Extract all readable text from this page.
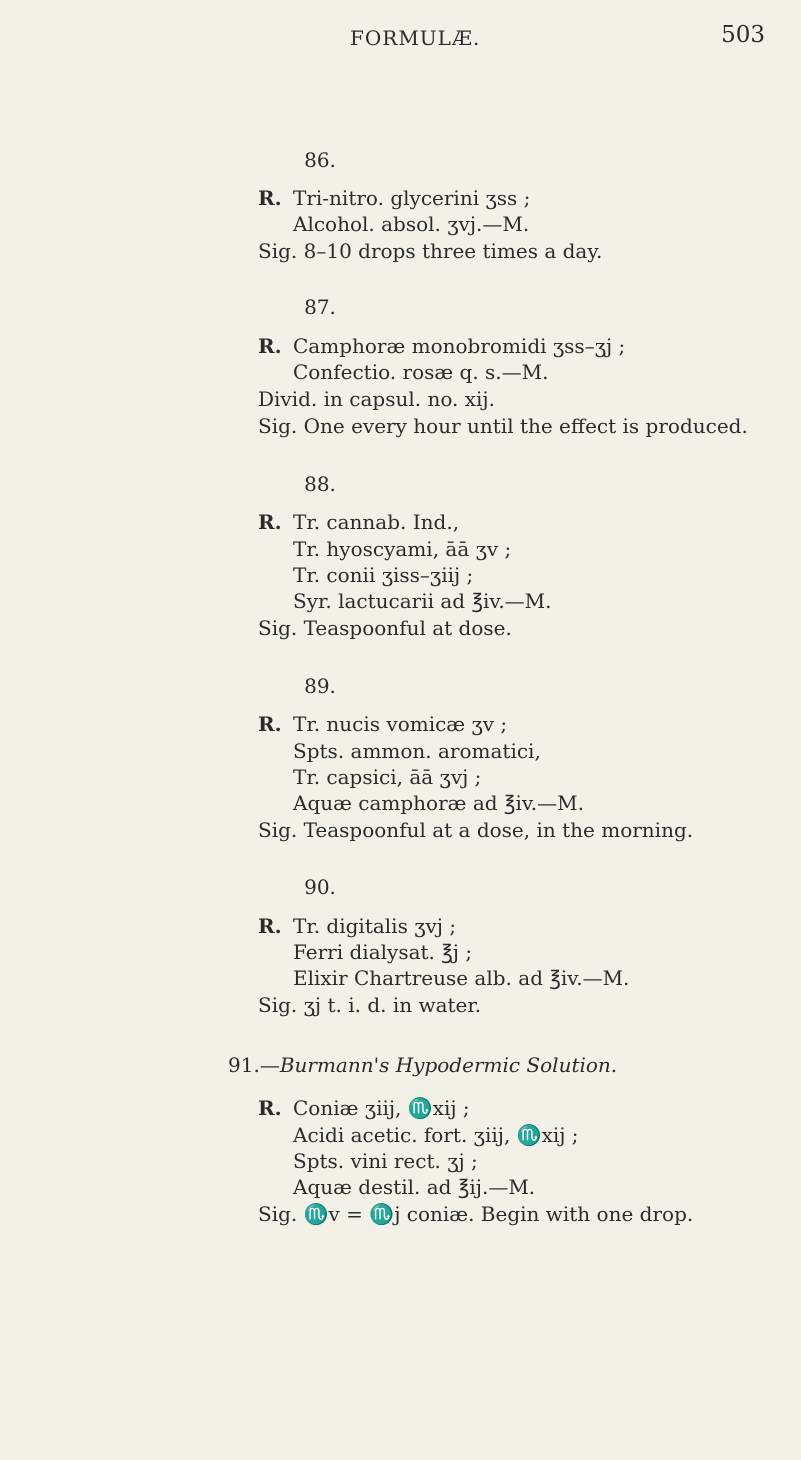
FORMULÆ.	503
86.
R. Tri-nitro. glycerini ʒss ;
Alcohol. absol. ʒvj.—M.
Sig. 8–10 drops three times a day.
87.
R. Camphoræ monobromidi ʒss–ʒj ;
Confectio. rosæ q. s.—M.
Divid. in capsul. no. xij.
Sig. One every hour until the effect is produced.
88.
R. Tr. cannab. Ind.,
Tr. hyoscyami, āā ʒv ;
Tr. conii ʒiss–ʒiij ;
Syr. lactucarii ad ℥iv.—M.
Sig. Teaspoonful at dose.
89.
R. Tr. nucis vomicæ ʒv ;
Spts. ammon. aromatici,
Tr. capsici, āā ʒvj ;
Aquæ camphoræ ad ℥iv.—M.
Sig. Teaspoonful at a dose, in the morning.
90.
R. Tr. digitalis ʒvj ;
Ferri dialysat. ℥j ;
Elixir Chartreuse alb. ad ℥iv.—M.
Sig. ʒj t. i. d. in water.
91.—Burmann's Hypodermic Solution.
R. Coniæ ʒiij, ♏xij ;
Acidi acetic. fort. ʒiij, ♏xij ;
Spts. vini rect. ʒj ;
Aquæ destil. ad ℥ij.—M.
Sig. ♏v = ♏j coniæ. Begin with one drop.
